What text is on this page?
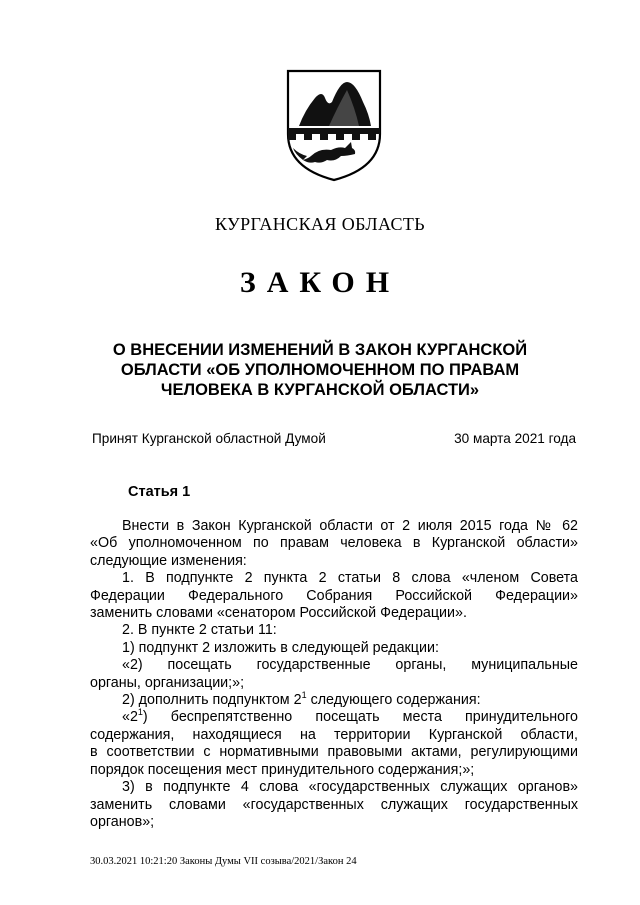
КУРГАНСКАЯ ОБЛАСТЬ
ЗАКОН
О ВНЕСЕНИИ ИЗМЕНЕНИЙ В ЗАКОН КУРГАНСКОЙ
ОБЛАСТИ «ОБ УПОЛНОМОЧЕННОМ ПО ПРАВАМ
ЧЕЛОВЕКА В КУРГАНСКОЙ ОБЛАСТИ»
Принят Курганской областной Думой	30 марта 2021 года
Статья 1
Внести в Закон Курганской области от 2 июля 2015 года № 62
«Об уполномоченном по правам человека в Курганской области»
следующие изменения:
1. В подпункте 2 пункта 2 статьи 8 слова «членом Совета
Федерации Федерального Собрания Российской Федерации»
заменить словами «сенатором Российской Федерации».
2. В пункте 2 статьи 11:
1) подпункт 2 изложить в следующей редакции:
«2) посещать государственные органы, муниципальные
органы, организации;»;
2) дополнить подпунктом $2^1$ следующего содержания:
«$2^1$) беспрепятственно посещать места принудительного
содержания, находящиеся на территории Курганской области,
в соответствии с нормативными правовыми актами, регулирующими
порядок посещения мест принудительного содержания;»;
3) в подпункте 4 слова «государственных служащих органов»
заменить словами «государственных служащих государственных
органов»;
30.03.2021 10:21:20 Законы Думы VII созыва/2021/Закон 24
